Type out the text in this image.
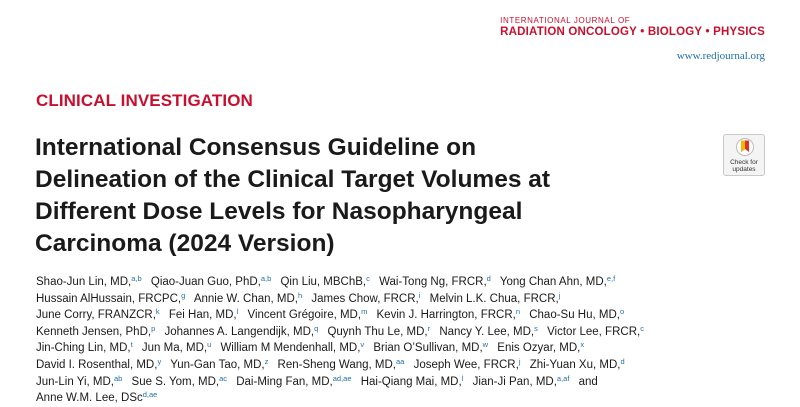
INTERNATIONAL JOURNAL OF
RADIATION ONCOLOGY • BIOLOGY • PHYSICS
www.redjournal.org
CLINICAL INVESTIGATION
International Consensus Guideline on
Delineation of the Clinical Target Volumes at
Different Dose Levels for Nasopharyngeal
Carcinoma (2024 Version)
Check for
updates
Shao-Jun Lin, MD,$^{a,b}$ Qiao-Juan Guo, PhD,$^{a,b}$ Qin Liu, MBChB,$^c$ Wai-Tong Ng, FRCR,$^d$ Yong Chan Ahn, MD,$^{e,f}$
Hussain AlHussain, FRCPC,$^g$ Annie W. Chan, MD,$^h$ James Chow, FRCR,$^i$ Melvin L.K. Chua, FRCR,$^j$
June Corry, FRANZCR,$^k$ Fei Han, MD,$^l$ Vincent Grégoire, MD,$^m$ Kevin J. Harrington, FRCR,$^n$ Chao-Su Hu, MD,$^o$
Kenneth Jensen, PhD,$^p$ Johannes A. Langendijk, MD,$^q$ Quynh Thu Le, MD,$^r$ Nancy Y. Lee, MD,$^s$ Victor Lee, FRCR,$^c$
Jin-Ching Lin, MD,$^t$ Jun Ma, MD,$^u$ William M Mendenhall, MD,$^v$ Brian O’Sullivan, MD,$^w$ Enis Ozyar, MD,$^x$
David I. Rosenthal, MD,$^y$ Yun-Gan Tao, MD,$^z$ Ren-Sheng Wang, MD,$^{aa}$ Joseph Wee, FRCR,$^j$ Zhi-Yuan Xu, MD,$^d$
Jun-Lin Yi, MD,$^{ab}$ Sue S. Yom, MD,$^{ac}$ Dai-Ming Fan, MD,$^{ad,ae}$ Hai-Qiang Mai, MD,$^l$ Jian-Ji Pan, MD,$^{a,af}$ and
Anne W.M. Lee, DSc$^{d,ae}$
